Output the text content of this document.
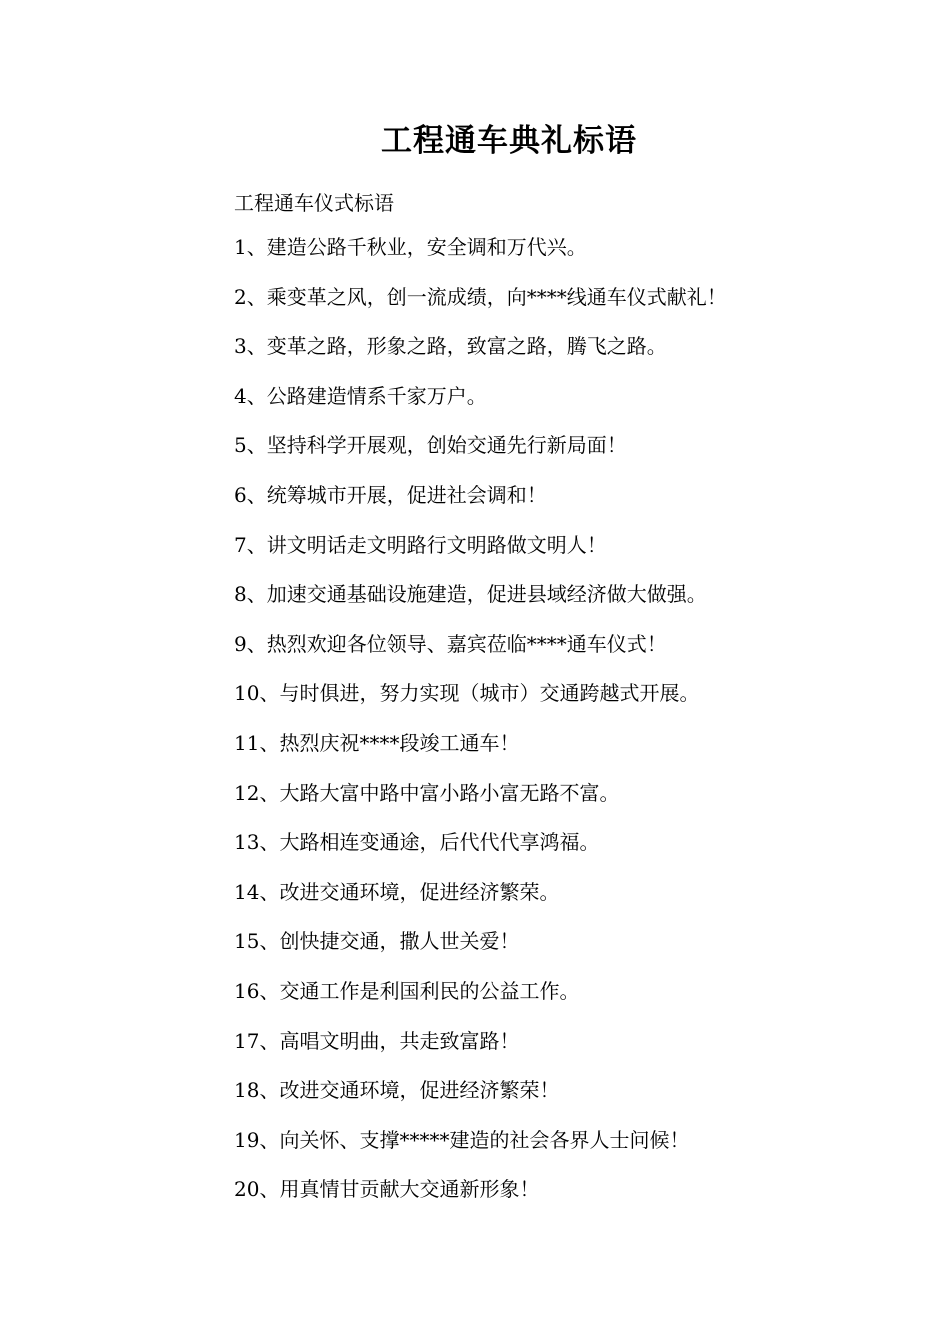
工程通车典礼标语
工程通车仪式标语
1、建造公路千秋业，安全调和万代兴。
2、乘变革之风，创一流成绩，向****线通车仪式献礼！
3、变革之路，形象之路，致富之路，腾飞之路。
4、公路建造情系千家万户。
5、坚持科学开展观，创始交通先行新局面！
6、统筹城市开展，促进社会调和！
7、讲文明话走文明路行文明路做文明人！
8、加速交通基础设施建造，促进县域经济做大做强。
9、热烈欢迎各位领导、嘉宾莅临****通车仪式！
10、与时俱进，努力实现（城市）交通跨越式开展。
11、热烈庆祝****段竣工通车！
12、大路大富中路中富小路小富无路不富。
13、大路相连变通途，后代代代享鸿福。
14、改进交通环境，促进经济繁荣。
15、创快捷交通，撒人世关爱！
16、交通工作是利国利民的公益工作。
17、高唱文明曲，共走致富路！
18、改进交通环境，促进经济繁荣！
19、向关怀、支撑*****建造的社会各界人士问候！
20、用真情甘贡献大交通新形象！
